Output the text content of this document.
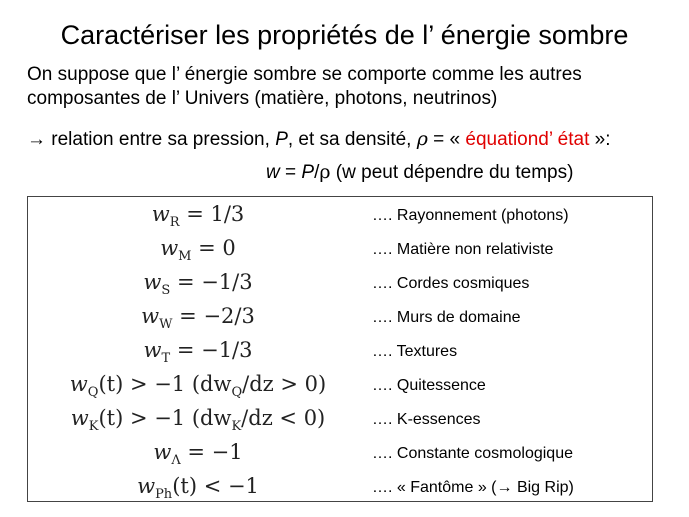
Caractériser les propriétés de l’ énergie sombre
On suppose que l’ énergie sombre se comporte comme les autres
composantes de l’ Univers (matière, photons, neutrinos)
→ relation entre sa pression, P, et sa densité, ρ = « équationd’ état »:
w = P/ρ (w peut dépendre du temps)
$w_R = 1/3$	…. Rayonnement (photons)
$w_M = 0$	…. Matière non relativiste
$w_S = -1/3$	…. Cordes cosmiques
$w_W = -2/3$	…. Murs de domaine
$w_T = -1/3$	…. Textures
$w_Q(t) > -1$ $(dw_Q/dz > 0)$	…. Quitessence
$w_K(t) > -1$ $(dw_K/dz < 0)$	…. K-essences
$w_\Lambda = -1$	…. Constante cosmologique
$w_{Ph}(t) < -1$	…. « Fantôme » (→ Big Rip)
